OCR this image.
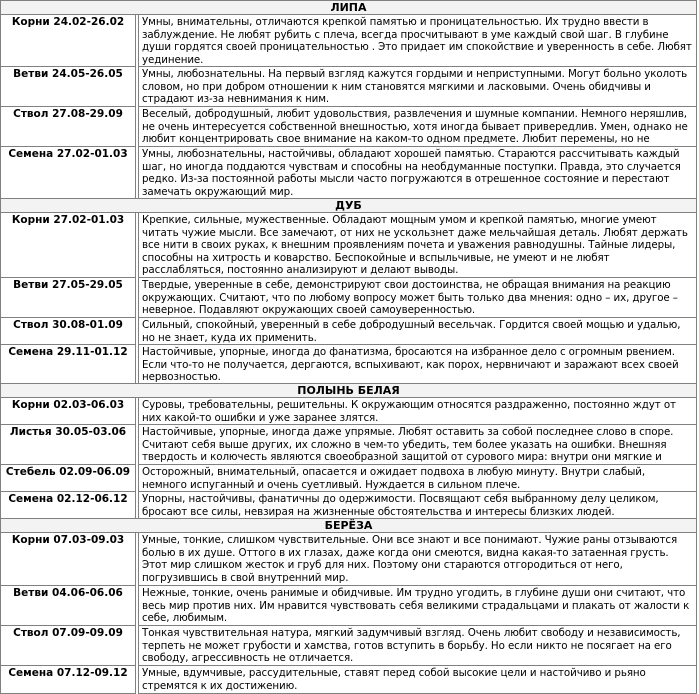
ЛИПА
Корни 24.02-26.02	Умны, внимательны, отличаются крепкой памятью и проницательностью. Их трудно ввести в заблуждение. Не любят рубить с плеча, всегда просчитывают в уме каждый свой шаг. В глубине души гордятся своей проницательностью . Это придает им спокойствие и уверенность в себе. Любят уединение.
Ветви 24.05-26.05	Умны, любознательны. На первый взгляд кажутся гордыми и неприступными. Могут больно уколоть словом, но при добром отношении к ним становятся мягкими и ласковыми. Очень обидчивы и страдают из-за невнимания к ним.
Ствол 27.08-29.09	Веселый, добродушный, любит удовольствия, развлечения и шумные компании. Немного неряшлив, не очень интересуется собственной внешностью, хотя иногда бывает привередлив. Умен, однако не любит концентрировать свое внимание на каком-то одном предмете. Любит перемены, но не
Семена 27.02-01.03	Умны, любознательны, настойчивы, обладают хорошей памятью. Стараются рассчитывать каждый шаг, но иногда поддаются чувствам и способны на необдуманные поступки. Правда, это случается редко. Из-за постоянной работы мысли часто погружаются в отрешенное состояние и перестают замечать окружающий мир.
ДУБ
Корни 27.02-01.03	Крепкие, сильные, мужественные. Обладают мощным умом и крепкой памятью, многие умеют читать чужие мысли. Все замечают, от них не ускользнет даже мельчайшая деталь. Любят держать все нити в своих руках, к внешним проявлениям почета и уважения равнодушны. Тайные лидеры, способны на хитрость и коварство. Беспокойные и вспыльчивые, не умеют и не любят расслабляться, постоянно анализируют и делают выводы.
Ветви 27.05-29.05	Твердые, уверенные в себе, демонстрируют свои достоинства, не обращая внимания на реакцию окружающих. Считают, что по любому вопросу может быть только два мнения: одно – их, другое – неверное. Подавляют окружающих своей самоуверенностью.
Ствол 30.08-01.09	Сильный, спокойный, уверенный в себе добродушный весельчак. Гордится своей мощью и удалью, но не знает, куда их применить.
Семена 29.11-01.12	Настойчивые, упорные, иногда до фанатизма, бросаются на избранное дело с огромным рвением. Если что-то не получается, дергаются, вспыхивают, как порох, нервничают и заражают всех своей нервозностью.
ПОЛЫНЬ БЕЛАЯ
Корни 02.03-06.03	Суровы, требовательны, решительны. К окружающим относятся раздраженно, постоянно ждут от них какой-то ошибки и уже заранее злятся.
Листья 30.05-03.06	Настойчивые, упорные, иногда даже упрямые. Любят оставить за собой последнее слово в споре. Считают себя выше других, их сложно в чем-то убедить, тем более указать на ошибки. Внешняя твердость и колючесть являются своеобразной защитой от сурового мира: внутри они мягкие и
Стебель 02.09-06.09	Осторожный, внимательный, опасается и ожидает подвоха в любую минуту. Внутри слабый, немного испуганный и очень суетливый. Нуждается в сильном плече.
Семена 02.12-06.12	Упорны, настойчивы, фанатичны до одержимости. Посвящают себя выбранному делу целиком, бросают все силы, невзирая на жизненные обстоятельства и интересы близких людей.
БЕРЁЗА
Корни 07.03-09.03	Умные, тонкие, слишком чувствительные. Они все знают и все понимают. Чужие раны отзываются болью в их душе. Оттого в их глазах, даже когда они смеются, видна какая-то затаенная грусть. Этот мир слишком жесток и груб для них. Поэтому они стараются отгородиться от него, погрузившись в свой внутренний мир.
Ветви 04.06-06.06	Нежные, тонкие, очень ранимые и обидчивые. Им трудно угодить, в глубине души они считают, что весь мир против них. Им нравится чувствовать себя великими страдальцами и плакать от жалости к себе, любимым.
Ствол 07.09-09.09	Тонкая чувствительная натура, мягкий задумчивый взгляд. Очень любит свободу и независимость, терпеть не может грубости и хамства, готов вступить в борьбу. Но если никто не посягает на его свободу, агрессивность не отличается.
Семена 07.12-09.12	Умные, вдумчивые, рассудительные, ставят перед собой высокие цели и настойчиво и рьяно стремятся к их достижению.
